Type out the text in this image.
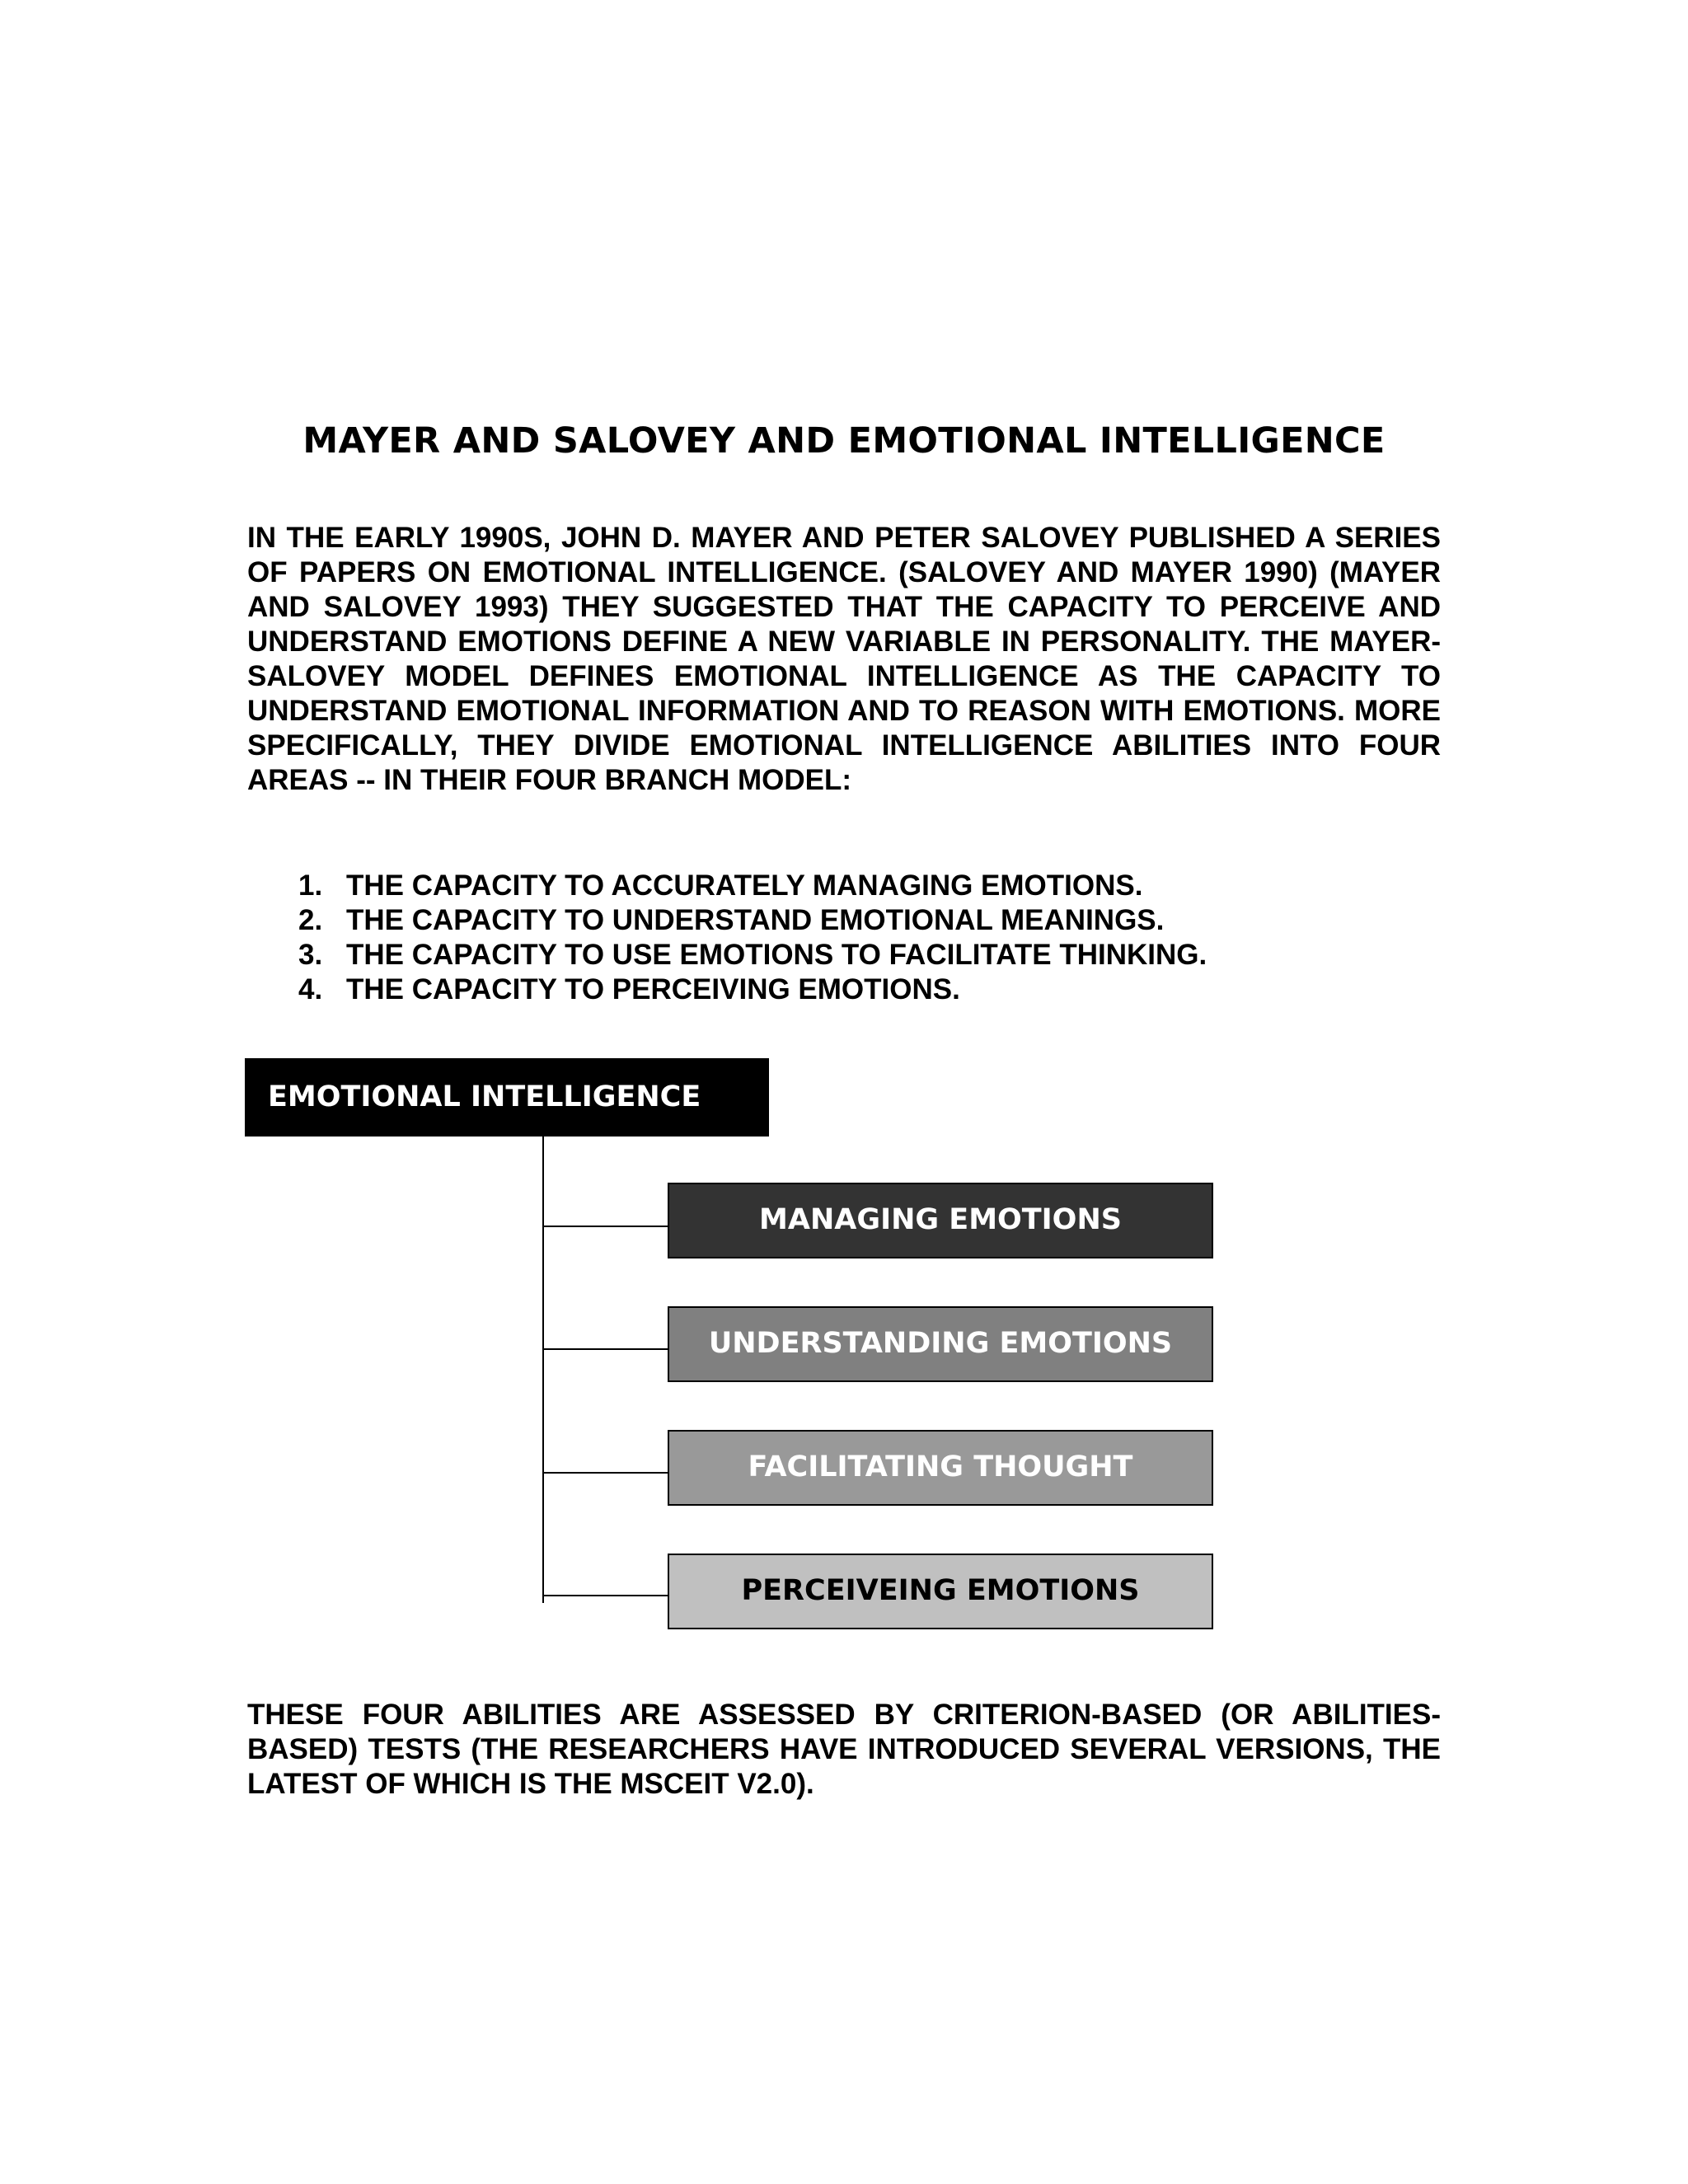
MAYER AND SALOVEY AND EMOTIONAL INTELLIGENCE

IN THE EARLY 1990S, JOHN D. MAYER AND PETER SALOVEY PUBLISHED A SERIES OF PAPERS ON EMOTIONAL INTELLIGENCE. (SALOVEY AND MAYER 1990) (MAYER AND SALOVEY 1993) THEY SUGGESTED THAT THE CAPACITY TO PERCEIVE AND UNDERSTAND EMOTIONS DEFINE A NEW VARIABLE IN PERSONALITY. THE MAYER-SALOVEY MODEL DEFINES EMOTIONAL INTELLIGENCE AS THE CAPACITY TO UNDERSTAND EMOTIONAL INFORMATION AND TO REASON WITH EMOTIONS. MORE SPECIFICALLY, THEY DIVIDE EMOTIONAL INTELLIGENCE ABILITIES INTO FOUR AREAS -- IN THEIR FOUR BRANCH MODEL:

1. THE CAPACITY TO ACCURATELY MANAGING EMOTIONS.
2. THE CAPACITY TO UNDERSTAND EMOTIONAL MEANINGS.
3. THE CAPACITY TO USE EMOTIONS TO FACILITATE THINKING.
4. THE CAPACITY TO PERCEIVING EMOTIONS.
EMOTIONAL INTELLIGENCE
MANAGING EMOTIONS
UNDERSTANDING EMOTIONS
FACILITATING THOUGHT
PERCEIVEING EMOTIONS

THESE FOUR ABILITIES ARE ASSESSED BY CRITERION-BASED (OR ABILITIES-BASED) TESTS (THE RESEARCHERS HAVE INTRODUCED SEVERAL VERSIONS, THE LATEST OF WHICH IS THE MSCEIT V2.0).
